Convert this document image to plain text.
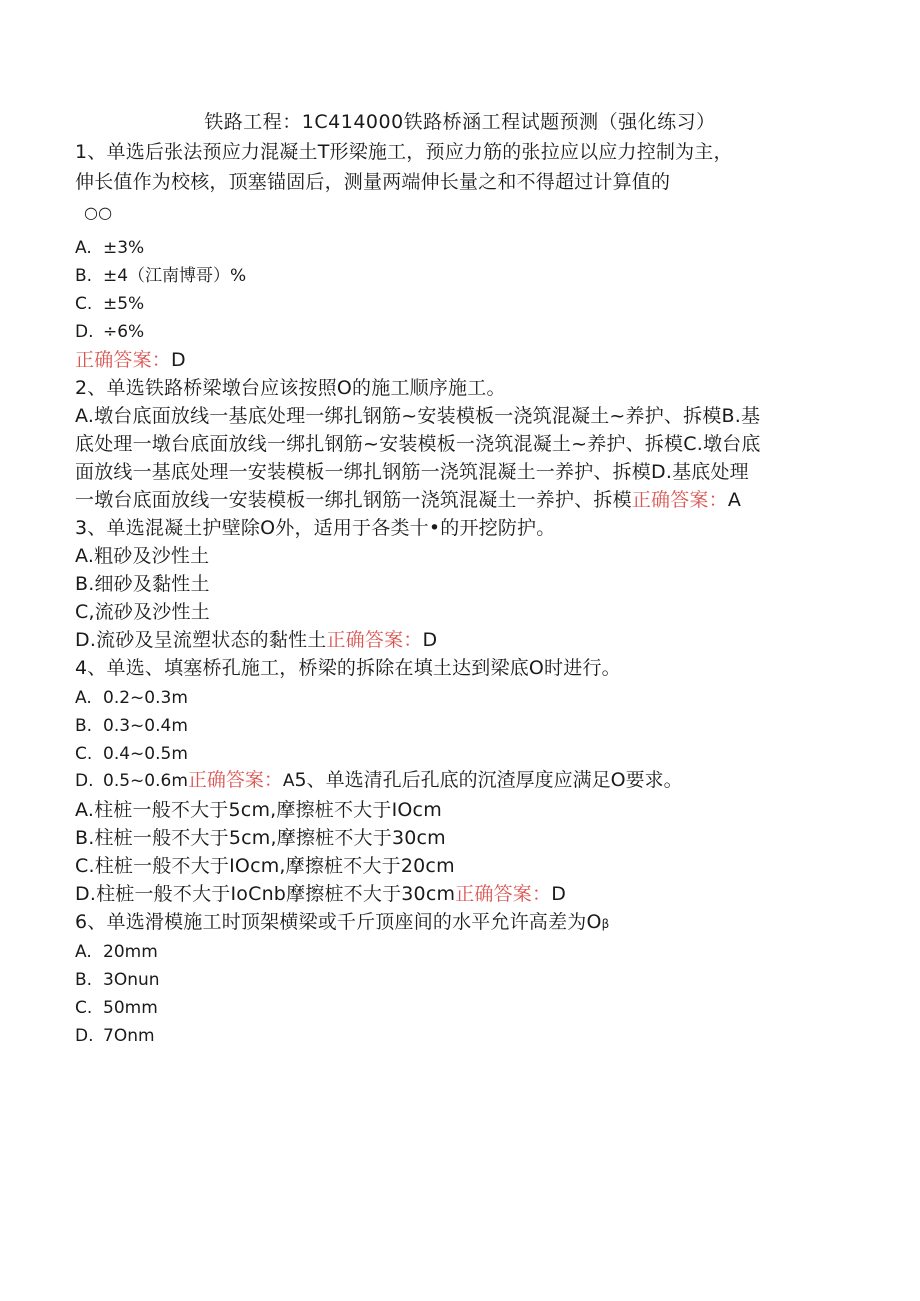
铁路工程：1C414000铁路桥涵工程试题预测（强化练习）
1、单选后张法预应力混凝土T形梁施工，预应力筋的张拉应以应力控制为主，
伸长值作为校核，顶塞锚固后，测量两端伸长量之和不得超过计算值的
○○
A. ±3%
B. ±4（江南博哥）%
C. ±5%
D. ÷6%
正确答案：D
2、单选铁路桥梁墩台应该按照O的施工顺序施工。
A.墩台底面放线一基底处理一绑扎钢筋~安装模板一浇筑混凝土~养护、拆模B.基
底处理一墩台底面放线一绑扎钢筋~安装模板一浇筑混凝土~养护、拆模C.墩台底
面放线一基底处理一安装模板一绑扎钢筋一浇筑混凝土一养护、拆模D.基底处理
一墩台底面放线一安装模板一绑扎钢筋一浇筑混凝土一养护、拆模正确答案：A
3、单选混凝土护壁除O外，适用于各类十•的开挖防护。
A.粗砂及沙性土
B.细砂及黏性土
C,流砂及沙性土
D.流砂及呈流塑状态的黏性土正确答案：D
4、单选、填塞桥孔施工，桥梁的拆除在填土达到梁底O时进行。
A. 0.2~0.3m
B. 0.3~0.4m
C. 0.4~0.5m
D. 0.5~0.6m正确答案：A5、单选清孔后孔底的沉渣厚度应满足O要求。
A.柱桩一般不大于5cm,摩擦桩不大于IOcm
B.柱桩一般不大于5cm,摩擦桩不大于30cm
C.柱桩一般不大于IOcm,摩擦桩不大于20cm
D.柱桩一般不大于IoCnb摩擦桩不大于30cm正确答案：D
6、单选滑模施工时顶架横梁或千斤顶座间的水平允许高差为Oβ
A. 20mm
B. 3Onun
C. 50mm
D. 7Onm
